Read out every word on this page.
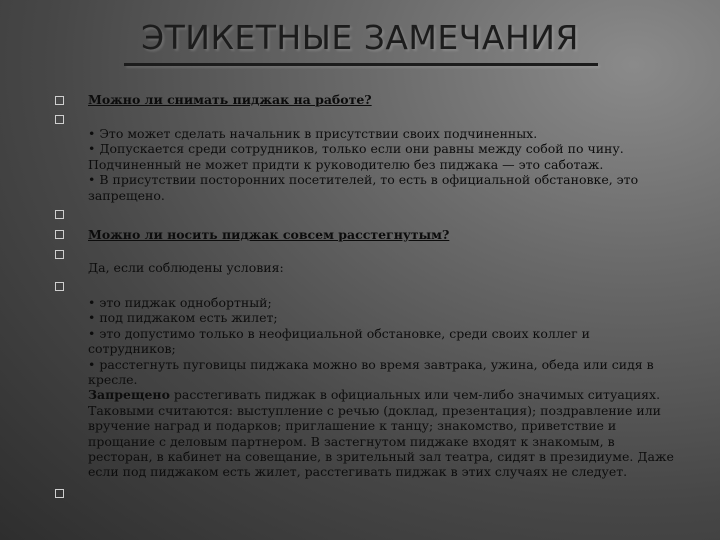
ЭТИКЕТНЫЕ ЗАМЕЧАНИЯ
Можно ли снимать пиджак на работе?
• Это может сделать начальник в присутствии своих подчиненных.
• Допускается среди сотрудников, только если они равны между собой по чину.
Подчиненный не может придти к руководителю без пиджака — это саботаж.
• В присутствии посторонних посетителей, то есть в официальной обстановке, это
запрещено.
Можно ли носить пиджак совсем расстегнутым?
Да, если соблюдены условия:
• это пиджак однобортный;
• под пиджаком есть жилет;
• это допустимо только в неофициальной обстановке, среди своих коллег и
сотрудников;
• расстегнуть пуговицы пиджака можно во время завтрака, ужина, обеда или сидя в
кресле.
Запрещено расстегивать пиджак в официальных или чем-либо значимых ситуациях.
Таковыми считаются: выступление с речью (доклад, презентация); поздравление или
вручение наград и подарков; приглашение к танцу; знакомство, приветствие и
прощание с деловым партнером. В застегнутом пиджаке входят к знакомым, в
ресторан, в кабинет на совещание, в зрительный зал театра, сидят в президиуме. Даже
если под пиджаком есть жилет, расстегивать пиджак в этих случаях не следует.
